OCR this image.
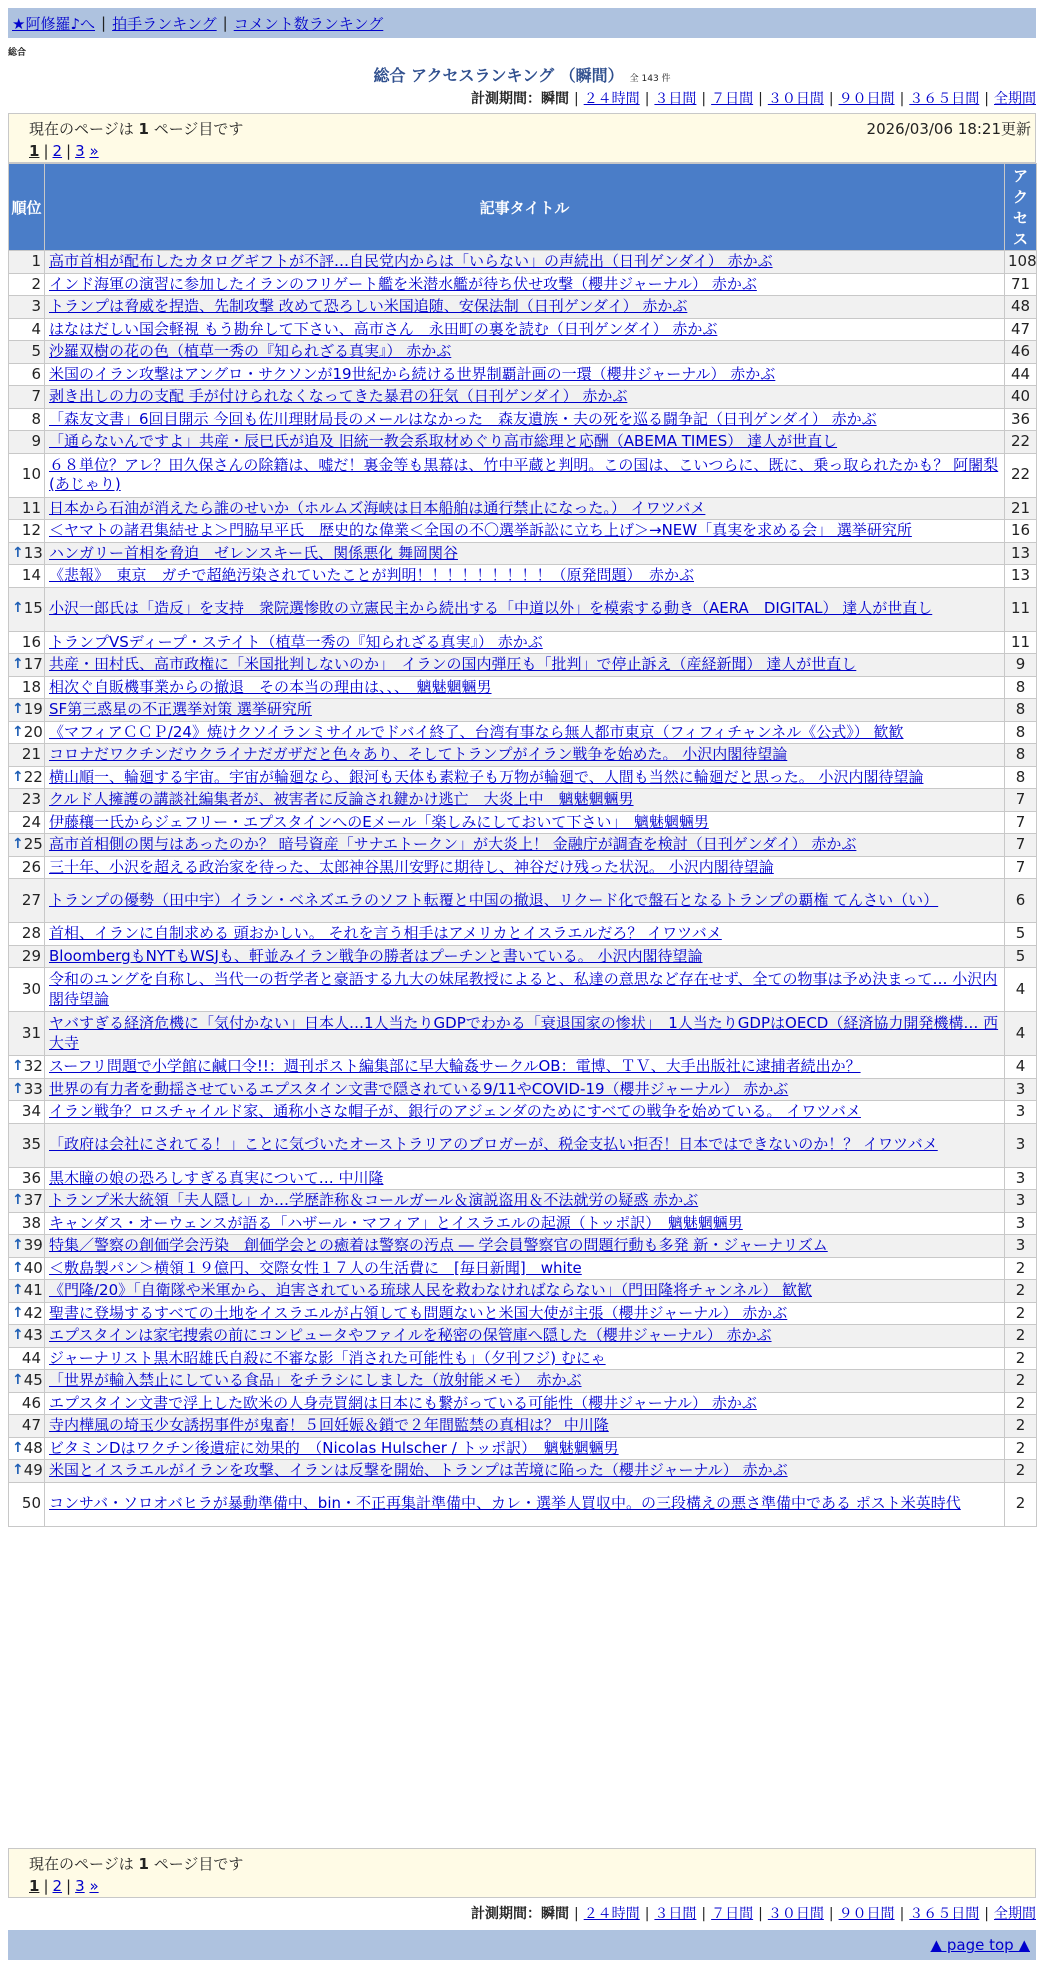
★阿修羅♪へ | 拍手ランキング | コメント数ランキング
総合
総合 アクセスランキング （瞬間） 全 143 件
計測期間：瞬間 | ２４時間 | ３日間 | ７日間 | ３０日間 | ９０日間 | ３６５日間 | 全期間
現在のページは 1 ページ目です	2026/03/06 18:21更新
1 | 2 | 3 »
順位	記事タイトル	アクセス
1	高市首相が配布したカタログギフトが不評…自民党内からは「いらない」の声続出（日刊ゲンダイ） 赤かぶ	108
2	インド海軍の演習に参加したイランのフリゲート艦を米潜水艦が待ち伏せ攻撃（櫻井ジャーナル） 赤かぶ	71
3	トランプは脅威を捏造、先制攻撃 改めて恐ろしい米国追随、安保法制（日刊ゲンダイ） 赤かぶ	48
4	はなはだしい国会軽視 もう勘弁して下さい、高市さん　永田町の裏を読む（日刊ゲンダイ） 赤かぶ	47
5	沙羅双樹の花の色（植草一秀の『知られざる真実』） 赤かぶ	46
6	米国のイラン攻撃はアングロ・サクソンが19世紀から続ける世界制覇計画の一環（櫻井ジャーナル） 赤かぶ	44
7	剥き出しの力の支配 手が付けられなくなってきた暴君の狂気（日刊ゲンダイ） 赤かぶ	40
8	「森友文書」6回目開示 今回も佐川理財局長のメールはなかった　森友遺族・夫の死を巡る闘争記（日刊ゲンダイ） 赤かぶ	36
9	「通らないんですよ」共産・辰巳氏が追及 旧統一教会系取材めぐり高市総理と応酬（ABEMA TIMES） 達人が世直し	22
10	６８単位？アレ？田久保さんの除籍は、嘘だ！裏金等も黒幕は、竹中平蔵と判明。この国は、こいつらに、既に、乗っ取られたかも？ 阿闍梨(あじゃり)	22
11	日本から石油が消えたら誰のせいか（ホルムズ海峡は日本船舶は通行禁止になった。） イワツバメ	21
12	＜ヤマトの諸君集結せよ＞門脇早平氏　歴史的な偉業＜全国の不〇選挙訴訟に立ち上げ＞→NEW「真実を求める会」 選挙研究所	16

↑ 13	ハンガリー首相を脅迫　ゼレンスキー氏、関係悪化 舞岡関谷	13
14	《悲報》　東京　ガチで超絶汚染されていたことが判明！！！！！！！！！（原発問題）　赤かぶ	13

↑ 15	小沢一郎氏は「造反」を支持　衆院選惨敗の立憲民主から続出する「中道以外」を模索する動き（AERA　DIGITAL） 達人が世直し	11
16	トランプVSディープ・ステイト（植草一秀の『知られざる真実』） 赤かぶ	11

↑ 17	共産・田村氏、高市政権に「米国批判しないのか」　イランの国内弾圧も「批判」で停止訴え（産経新聞） 達人が世直し	9
18	相次ぐ自販機事業からの撤退　その本当の理由は、、、　魑魅魍魎男	8

↑ 19	SF第三惑星の不正選挙対策 選挙研究所	8

↑ 20	《マフィアＣＣＰ/24》焼けクソイランミサイルでドバイ終了、台湾有事なら無人都市東京（フィフィチャンネル《公式》） 歓歓	8
21	コロナだワクチンだウクライナだガザだと色々あり、そしてトランプがイラン戦争を始めた。 小沢内閣待望論	8

↑ 22	横山順一、輪廻する宇宙。宇宙が輪廻なら、銀河も天体も素粒子も万物が輪廻で、人間も当然に輪廻だと思った。 小沢内閣待望論	8
23	クルド人擁護の講談社編集者が、被害者に反論され鍵かけ逃亡　大炎上中　魑魅魍魎男	7
24	伊藤穰一氏からジェフリー・エプスタインへのEメール「楽しみにしておいて下さい」　魑魅魍魎男	7

↑ 25	高市首相側の関与はあったのか？ 暗号資産「サナエトークン」が大炎上！ 金融庁が調査を検討（日刊ゲンダイ） 赤かぶ	7
26	三十年、小沢を超える政治家を待った、太郎神谷黒川安野に期待し、神谷だけ残った状況。 小沢内閣待望論	7
27	トランプの優勢（田中宇）イラン・ベネズエラのソフト転覆と中国の撤退、リクード化で盤石となるトランプの覇権 てんさい（い）	6
28	首相、イランに自制求める 頭おかしい。 それを言う相手はアメリカとイスラエルだろ？ イワツバメ	5
29	BloombergもNYTもWSJも、軒並みイラン戦争の勝者はプーチンと書いている。 小沢内閣待望論	5
30	令和のユングを自称し、当代一の哲学者と豪語する九大の妹尾教授によると、私達の意思など存在せず、全ての物事は予め決まって… 小沢内閣待望論	4
31	ヤバすぎる経済危機に「気付かない」日本人…1人当たりGDPでわかる「衰退国家の惨状」　1人当たりGDPはOECD（経済協力開発機構… 西大寺	4

↑ 32	スーフリ問題で小学館に鹹口令!!：週刊ポスト編集部に早大輪姦サークルOB：電博、ＴＶ、大手出版社に逮捕者続出か？	4

↑ 33	世界の有力者を動揺させているエプスタイン文書で隠されている9/11やCOVID-19（櫻井ジャーナル） 赤かぶ	3
34	イラン戦争？ロスチャイルド家、通称小さな帽子が、銀行のアジェンダのためにすべての戦争を始めている。 イワツバメ	3
35	「政府は会社にされてる！」ことに気づいたオーストラリアのブロガーが、税金支払い拒否！日本ではできないのか！？ イワツバメ	3
36	黒木瞳の娘の恐ろしすぎる真実について… 中川隆	3

↑ 37	トランプ米大統領「夫人隠し」か…学歴詐称＆コールガール＆演説盗用＆不法就労の疑惑 赤かぶ	3
38	キャンダス・オーウェンスが語る「ハザール・マフィア」とイスラエルの起源（トッポ訳）　魑魅魍魎男	3

↑ 39	特集／警察の創価学会汚染　創価学会との癒着は警察の汚点 ― 学会員警察官の問題行動も多発 新・ジャーナリズム	3

↑ 40	＜敷島製パン＞横領１９億円、交際女性１７人の生活費に　[毎日新聞]　white	2

↑ 41	《門隆/20》「自衛隊や米軍から、迫害されている琉球人民を救わなければならない」（門田隆将チャンネル） 歓歓	2

↑ 42	聖書に登場するすべての土地をイスラエルが占領しても問題ないと米国大使が主張（櫻井ジャーナル） 赤かぶ	2

↑ 43	エプスタインは家宅捜索の前にコンピュータやファイルを秘密の保管庫へ隠した（櫻井ジャーナル） 赤かぶ	2
44	ジャーナリスト黒木昭雄氏自殺に不審な影「消された可能性も」（夕刊フジ) むにゃ	2

↑ 45	「世界が輸入禁止にしている食品」をチラシにしました（放射能メモ）　赤かぶ	2
46	エプスタイン文書で浮上した欧米の人身売買網は日本にも繋がっている可能性（櫻井ジャーナル） 赤かぶ	2
47	寺内樺風の埼玉少女誘拐事件が鬼畜！５回妊娠＆鎖で２年間監禁の真相は？ 中川隆	2

↑ 48	ビタミンDはワクチン後遺症に効果的　（Nicolas Hulscher / トッポ訳）　魑魅魍魎男	2

↑ 49	米国とイスラエルがイランを攻撃、イランは反撃を開始、トランプは苦境に陥った（櫻井ジャーナル） 赤かぶ	2
50	コンサバ・ソロオバヒラが暴動準備中、bin・不正再集計準備中、カレ・選挙人買収中。の三段構えの悪さ準備中である ポスト米英時代	2
現在のページは 1 ページ目です
1 | 2 | 3 »
計測期間：瞬間 | ２４時間 | ３日間 | ７日間 | ３０日間 | ９０日間 | ３６５日間 | 全期間
▲ page top ▲
